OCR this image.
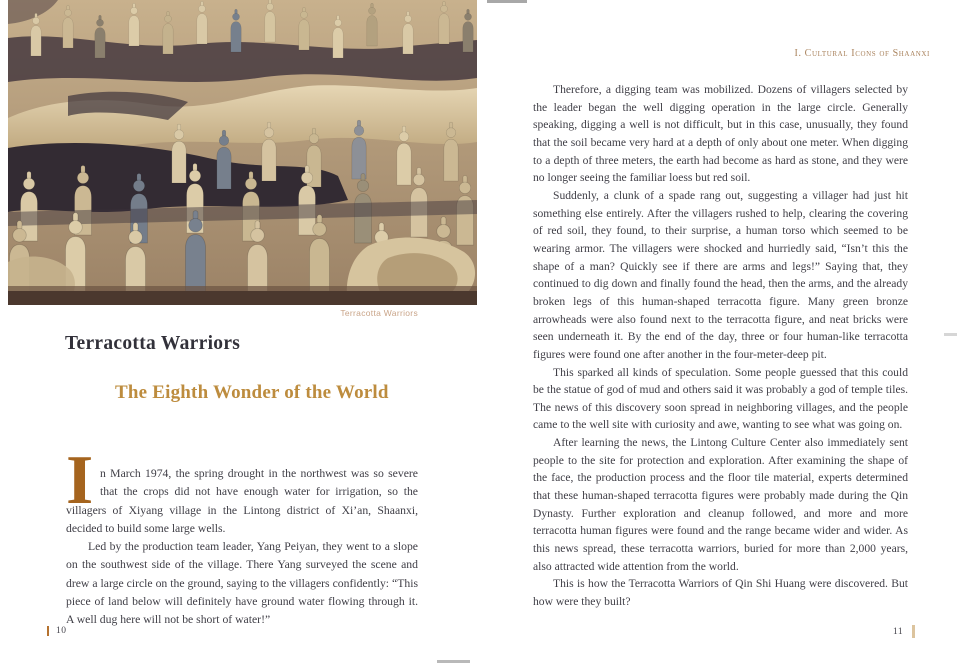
Terracotta Warriors
Terracotta Warriors
The Eighth Wonder of the World

I n March 1974, the spring drought in the northwest was so severe that the crops did not have enough water for irrigation, so the villagers of Xiyang village in the Lintong district of Xi’an, Shaanxi, decided to build some large wells.

Led by the production team leader, Yang Peiyan, they went to a slope on the southwest side of the village. There Yang surveyed the scene and drew a large circle on the ground, saying to the villagers confidently: “This piece of land below will definitely have ground water flowing through it. A well dug here will not be short of water!”

10
I. Cultural Icons of Shaanxi

Therefore, a digging team was mobilized. Dozens of villagers selected by the leader began the well digging operation in the large circle. Generally speaking, digging a well is not difficult, but in this case, unusually, they found that the soil became very hard at a depth of only about one meter. When digging to a depth of three meters, the earth had become as hard as stone, and they were no longer seeing the familiar loess but red soil.

Suddenly, a clunk of a spade rang out, suggesting a villager had just hit something else entirely. After the villagers rushed to help, clearing the covering of red soil, they found, to their surprise, a human torso which seemed to be wearing armor. The villagers were shocked and hurriedly said, “Isn’t this the shape of a man? Quickly see if there are arms and legs!” Saying that, they continued to dig down and finally found the head, then the arms, and the already broken legs of this human-shaped terracotta figure. Many green bronze arrowheads were also found next to the terracotta figure, and neat bricks were seen underneath it. By the end of the day, three or four human-like terracotta figures were found one after another in the four-meter-deep pit.

This sparked all kinds of speculation. Some people guessed that this could be the statue of god of mud and others said it was probably a god of temple tiles. The news of this discovery soon spread in neighboring villages, and the people came to the well site with curiosity and awe, wanting to see what was going on.

After learning the news, the Lintong Culture Center also immediately sent people to the site for protection and exploration. After examining the shape of the face, the production process and the floor tile material, experts determined that these human-shaped terracotta figures were probably made during the Qin Dynasty. Further exploration and cleanup followed, and more and more terracotta human figures were found and the range became wider and wider. As this news spread, these terracotta warriors, buried for more than 2,000 years, also attracted wide attention from the world.

This is how the Terracotta Warriors of Qin Shi Huang were discovered. But how were they built?

11
